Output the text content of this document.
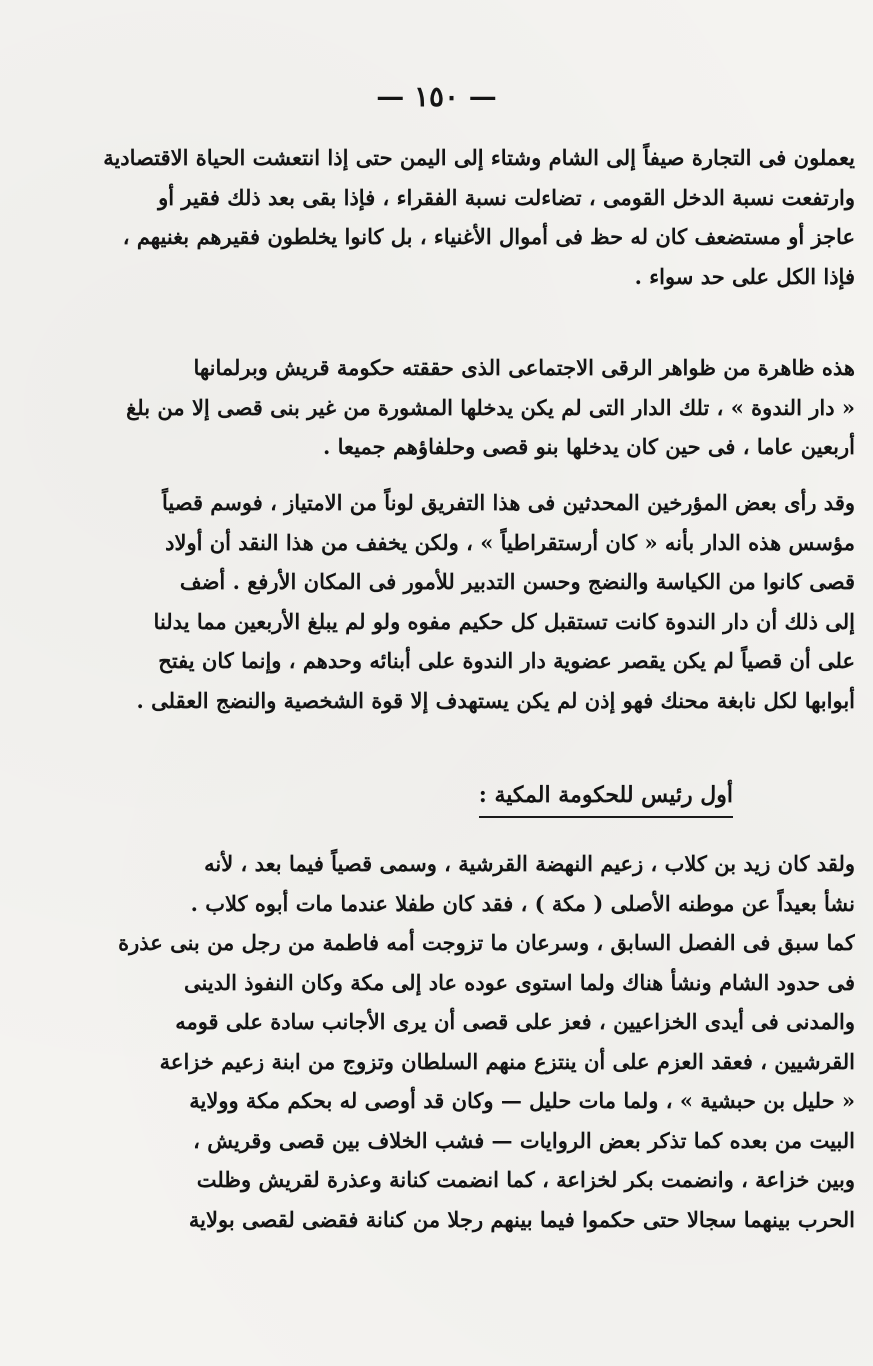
— ١٥٠ —
يعملون فى التجارة صيفاً إلى الشام وشتاء إلى اليمن حتى إذا انتعشت الحياة الاقتصادية
وارتفعت نسبة الدخل القومى ، تضاءلت نسبة الفقراء ، فإذا بقى بعد ذلك فقير أو
عاجز أو مستضعف كان له حظ فى أموال الأغنياء ، بل كانوا يخلطون فقيرهم بغنيهم ،
فإذا الكل على حد سواء .
هذه ظاهرة من ظواهر الرقى الاجتماعى الذى حققته حكومة قريش وبرلمانها
« دار الندوة » ، تلك الدار التى لم يكن يدخلها المشورة من غير بنى قصى إلا من بلغ
أربعين عاما ، فى حين كان يدخلها بنو قصى وحلفاؤهم جميعا .
وقد رأى بعض المؤرخين المحدثين فى هذا التفريق لوناً من الامتياز ، فوسم قصياً
مؤسس هذه الدار بأنه « كان أرستقراطياً » ، ولكن يخفف من هذا النقد أن أولاد
قصى كانوا من الكياسة والنضج وحسن التدبير للأمور فى المكان الأرفع . أضف
إلى ذلك أن دار الندوة كانت تستقبل كل حكيم مفوه ولو لم يبلغ الأربعين مما يدلنا
على أن قصياً لم يكن يقصر عضوية دار الندوة على أبنائه وحدهم ، وإنما كان يفتح
أبوابها لكل نابغة محنك فهو إذن لم يكن يستهدف إلا قوة الشخصية والنضج العقلى .
أول رئيس للحكومة المكية :
ولقد كان زيد بن كلاب ، زعيم النهضة القرشية ، وسمى قصياً فيما بعد ، لأنه
نشأ بعيداً عن موطنه الأصلى ( مكة ) ، فقد كان طفلا عندما مات أبوه كلاب .
كما سبق فى الفصل السابق ، وسرعان ما تزوجت أمه فاطمة من رجل من بنى عذرة
فى حدود الشام ونشأ هناك ولما استوى عوده عاد إلى مكة وكان النفوذ الدينى
والمدنى فى أيدى الخزاعيين ، فعز على قصى أن يرى الأجانب سادة على قومه
القرشيين ، فعقد العزم على أن ينتزع منهم السلطان وتزوج من ابنة زعيم خزاعة
« حليل بن حبشية » ، ولما مات حليل — وكان قد أوصى له بحكم مكة وولاية
البيت من بعده كما تذكر بعض الروايات — فشب الخلاف بين قصى وقريش ،
وبين خزاعة ، وانضمت بكر لخزاعة ، كما انضمت كنانة وعذرة لقريش وظلت
الحرب بينهما سجالا حتى حكموا فيما بينهم رجلا من كنانة فقضى لقصى بولاية
